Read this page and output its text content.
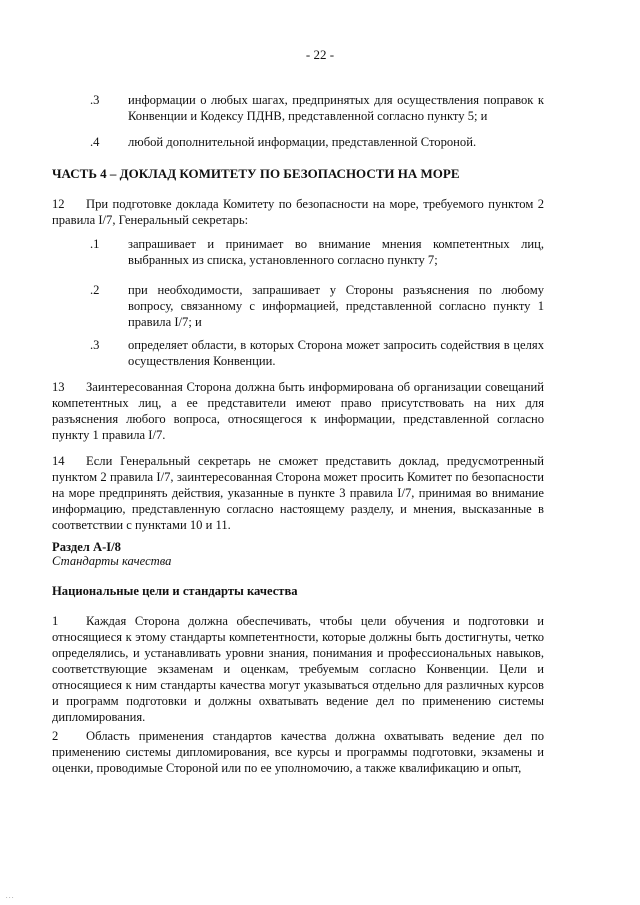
- 22 -
.3	информации о любых шагах, предпринятых для осуществления поправок к Конвенции и Кодексу ПДНВ, представленной согласно пункту 5; и
.4	любой дополнительной информации, представленной Стороной.
ЧАСТЬ 4 – ДОКЛАД КОМИТЕТУ ПО БЕЗОПАСНОСТИ НА МОРЕ
12 При подготовке доклада Комитету по безопасности на море, требуемого пунктом 2 правила I/7, Генеральный секретарь:
.1	запрашивает и принимает во внимание мнения компетентных лиц, выбранных из списка, установленного согласно пункту 7;
.2	при необходимости, запрашивает у Стороны разъяснения по любому вопросу, связанному с информацией, представленной согласно пункту 1 правила I/7; и
.3	определяет области, в которых Сторона может запросить содействия в целях осуществления Конвенции.
13 Заинтересованная Сторона должна быть информирована об организации совещаний компетентных лиц, а ее представители имеют право присутствовать на них для разъяснения любого вопроса, относящегося к информации, представленной согласно пункту 1 правила I/7.
14 Если Генеральный секретарь не сможет представить доклад, предусмотренный пунктом 2 правила I/7, заинтересованная Сторона может просить Комитет по безопасности на море предпринять действия, указанные в пункте 3 правила I/7, принимая во внимание информацию, представленную согласно настоящему разделу, и мнения, высказанные в соответствии с пунктами 10 и 11.
Раздел A-I/8
Стандарты качества
Национальные цели и стандарты качества
1 Каждая Сторона должна обеспечивать, чтобы цели обучения и подготовки и относящиеся к этому стандарты компетентности, которые должны быть достигнуты, четко определялись, и устанавливать уровни знания, понимания и профессиональных навыков, соответствующие экзаменам и оценкам, требуемым согласно Конвенции. Цели и относящиеся к ним стандарты качества могут указываться отдельно для различных курсов и программ подготовки и должны охватывать ведение дел по применению системы дипломирования.
2 Область применения стандартов качества должна охватывать ведение дел по применению системы дипломирования, все курсы и программы подготовки, экзамены и оценки, проводимые Стороной или по ее уполномочию, а также квалификацию и опыт,
. . .
